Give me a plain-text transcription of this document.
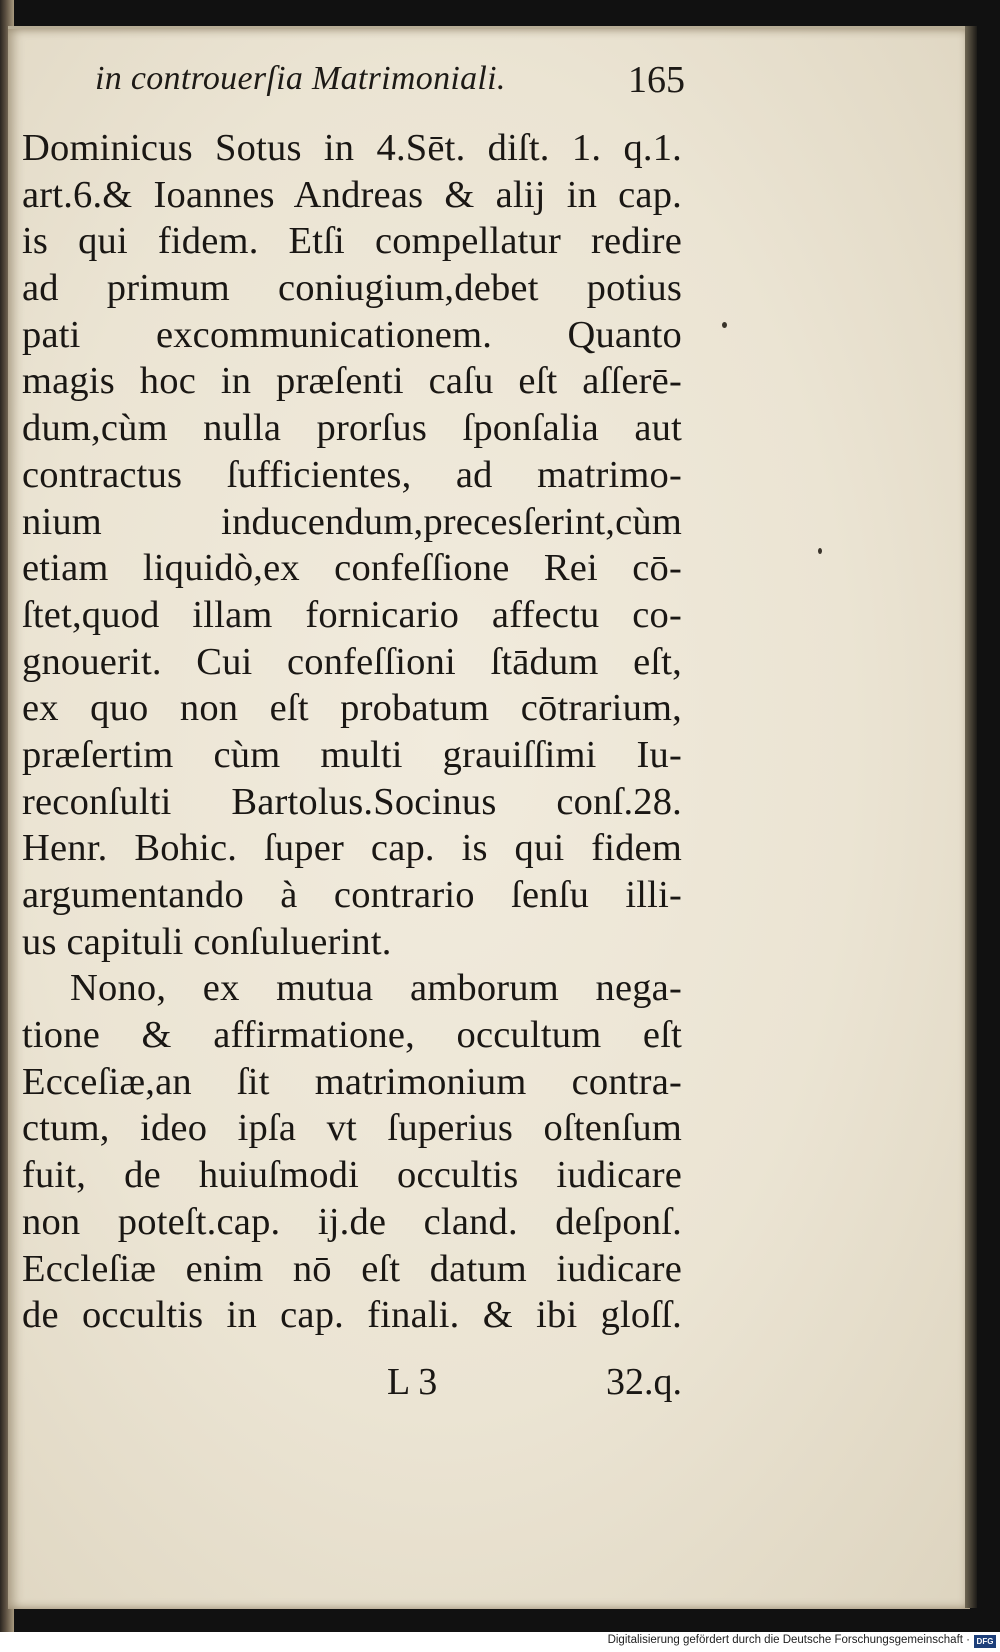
in controuerſia Matrimoniali.	165
Dominicus Sotus in 4.Sēt. diſt. 1. q.1.
art.6.& Ioannes Andreas & alij in cap.
is qui fidem. Etſi compellatur redire
ad primum coniugium,debet potius
pati excommunicationem. Quanto
magis hoc in præſenti caſu eſt aſſerē-
dum,cùm nulla prorſus ſponſalia aut
contractus ſufficientes, ad matrimo-
nium inducendum,precesſerint,cùm
etiam liquidò,ex confeſſione Rei cō-
ſtet,quod illam fornicario affectu co-
gnouerit. Cui confeſſioni ſtādum eſt,
ex quo non eſt probatum cōtrarium,
præſertim cùm multi grauiſſimi Iu-
reconſulti Bartolus.Socinus conſ.28.
Henr. Bohic. ſuper cap. is qui fidem
argumentando à contrario ſenſu illi-
us capituli conſuluerint.
Nono, ex mutua amborum nega-
tione & affirmatione, occultum eſt
Eccеſiæ,an ſit matrimonium contra-
ctum, ideo ipſa vt ſuperius oſtenſum
fuit, de huiuſmodi occultis iudicare
non poteſt.cap. ij.de cland. deſponſ.
Eccleſiæ enim nō eſt datum iudicare
de occultis in cap. finali. & ibi gloſſ.
L 3	32.q.
Digitalisierung gefördert durch die Deutsche Forschungsgemeinschaft · DFG
